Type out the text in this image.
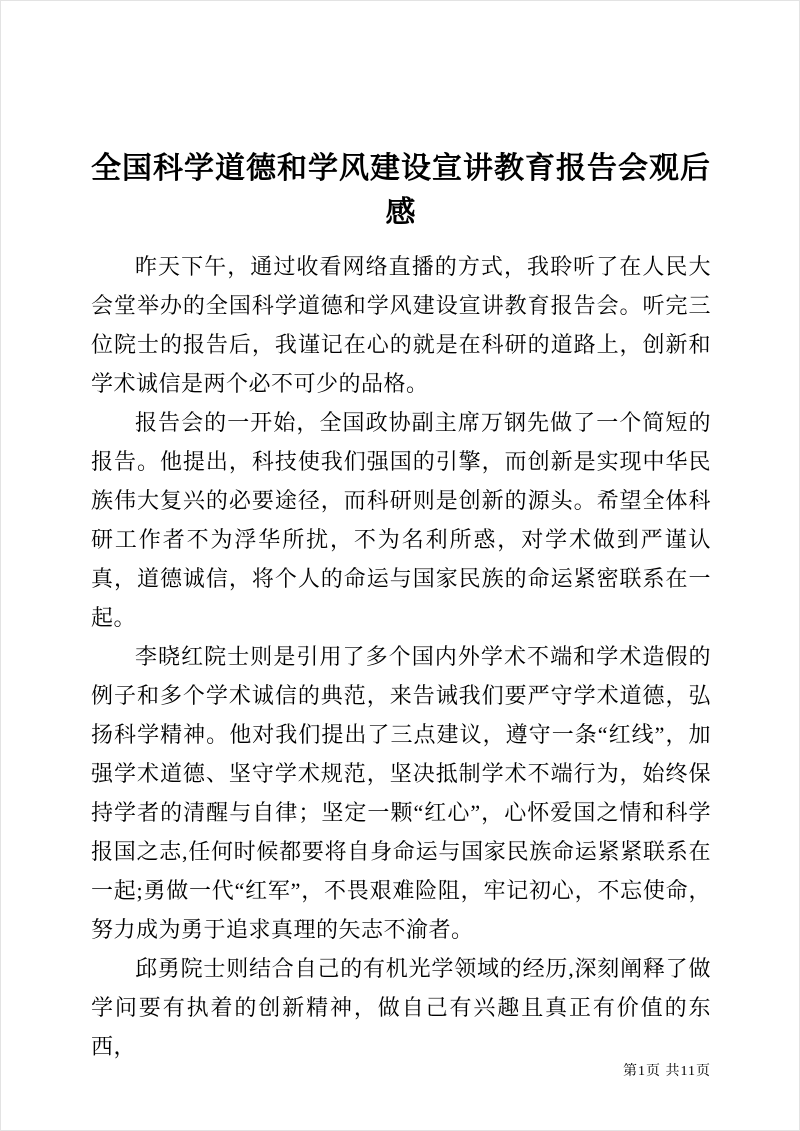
全国科学道德和学风建设宣讲教育报告会观后感

昨天下午，通过收看网络直播的方式，我聆听了在人民大会堂举办的全国科学道德和学风建设宣讲教育报告会。听完三位院士的报告后，我谨记在心的就是在科研的道路上，创新和学术诚信是两个必不可少的品格。

报告会的一开始，全国政协副主席万钢先做了一个简短的报告。他提出，科技使我们强国的引擎，而创新是实现中华民族伟大复兴的必要途径，而科研则是创新的源头。希望全体科研工作者不为浮华所扰，不为名利所惑，对学术做到严谨认真，道德诚信，将个人的命运与国家民族的命运紧密联系在一起。

李晓红院士则是引用了多个国内外学术不端和学术造假的例子和多个学术诚信的典范，来告诫我们要严守学术道德，弘扬科学精神。他对我们提出了三点建议，遵守一条“红线”，加强学术道德、坚守学术规范，坚决抵制学术不端行为，始终保持学者的清醒与自律；坚定一颗“红心”，心怀爱国之情和科学报国之志,任何时候都要将自身命运与国家民族命运紧紧联系在一起;勇做一代“红军”，不畏艰难险阻，牢记初心，不忘使命，努力成为勇于追求真理的矢志不渝者。

邱勇院士则结合自己的有机光学领域的经历,深刻阐释了做学问要有执着的创新精神，做自己有兴趣且真正有价值的东西，

第1页 共11页
